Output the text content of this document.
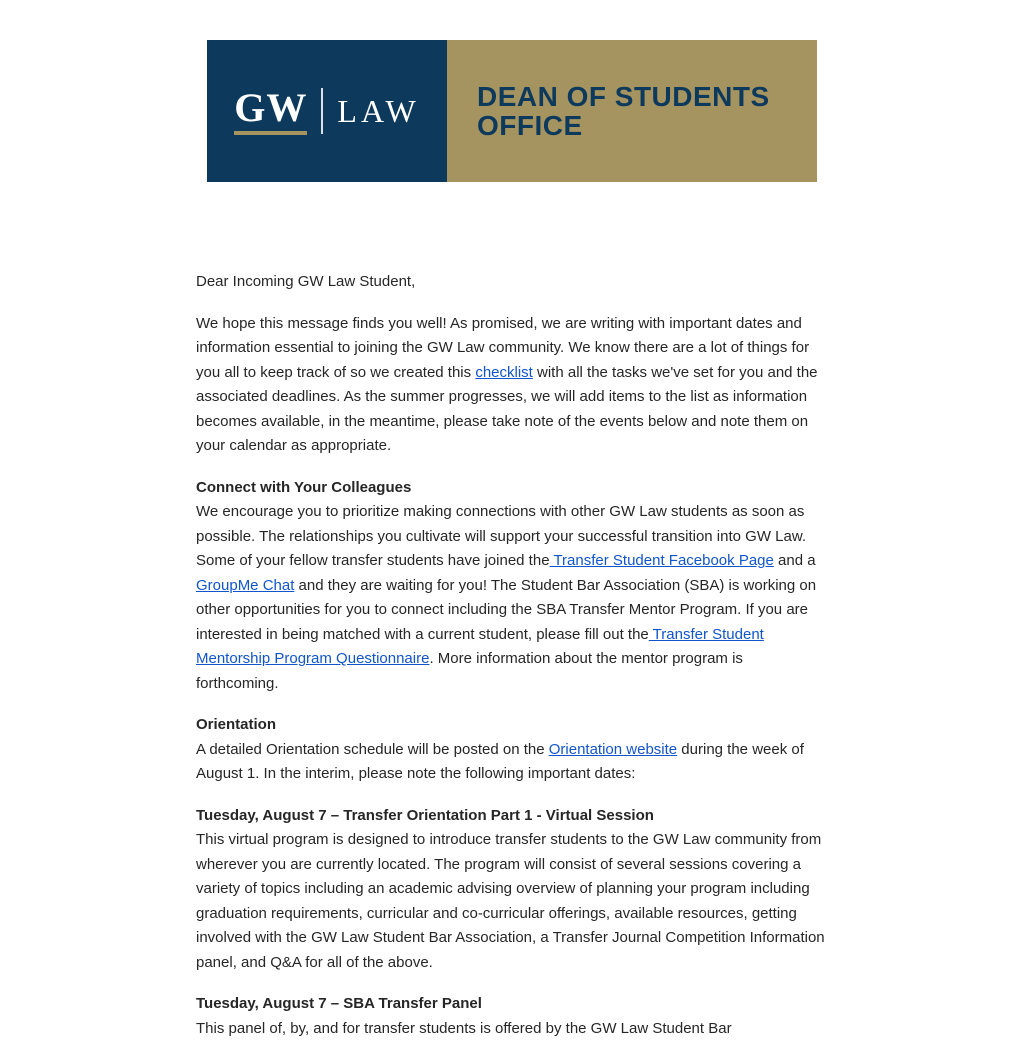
GW LAW DEAN OF STUDENTS
OFFICE
Dear Incoming GW Law Student,
We hope this message finds you well! As promised, we are writing with important dates and information essential to joining the GW Law community. We know there are a lot of things for you all to keep track of so we created this checklist with all the tasks we've set for you and the associated deadlines. As the summer progresses, we will add items to the list as information becomes available, in the meantime, please take note of the events below and note them on your calendar as appropriate.
Connect with Your Colleagues
We encourage you to prioritize making connections with other GW Law students as soon as possible. The relationships you cultivate will support your successful transition into GW Law. Some of your fellow transfer students have joined the Transfer Student Facebook Page and a GroupMe Chat and they are waiting for you! The Student Bar Association (SBA) is working on other opportunities for you to connect including the SBA Transfer Mentor Program. If you are interested in being matched with a current student, please fill out the Transfer Student Mentorship Program Questionnaire. More information about the mentor program is forthcoming.
Orientation
A detailed Orientation schedule will be posted on the Orientation website during the week of August 1. In the interim, please note the following important dates:
Tuesday, August 7 – Transfer Orientation Part 1 - Virtual Session
This virtual program is designed to introduce transfer students to the GW Law community from wherever you are currently located. The program will consist of several sessions covering a variety of topics including an academic advising overview of planning your program including graduation requirements, curricular and co-curricular offerings, available resources, getting involved with the GW Law Student Bar Association, a Transfer Journal Competition Information panel, and Q&A for all of the above.
Tuesday, August 7 – SBA Transfer Panel
This panel of, by, and for transfer students is offered by the GW Law Student Bar
